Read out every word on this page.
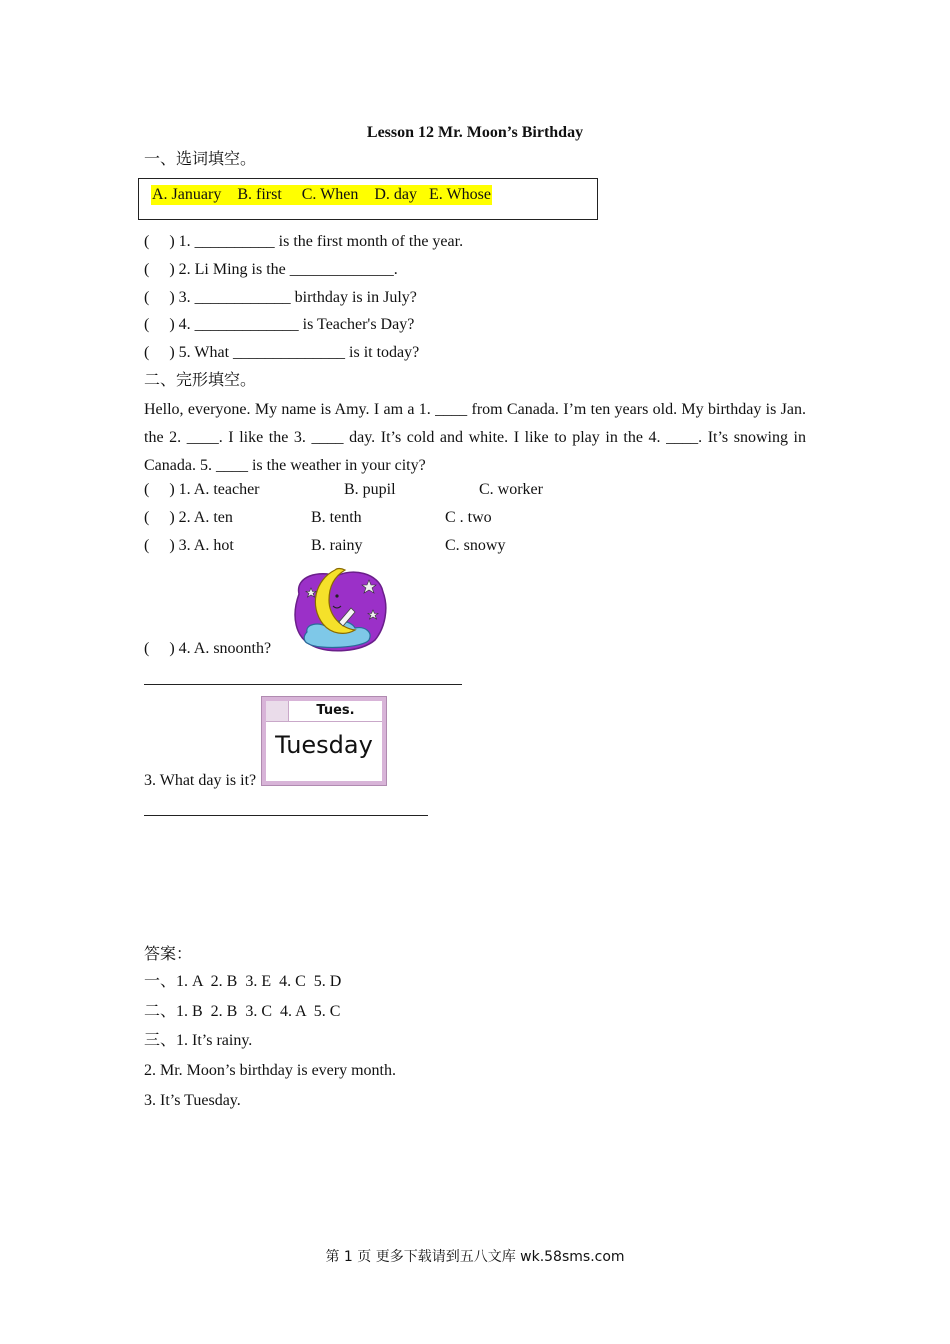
Lesson 12 Mr. Moon’s Birthday
一、选词填空。
A. January    B. first     C. When    D. day   E. Whose
(     ) 1. __________ is the first month of the year.
(     ) 2. Li Ming is the _____________.
(     ) 3. ____________ birthday is in July?
(     ) 4. _____________ is Teacher's Day?
(     ) 5. What ______________ is it today?
二、完形填空。
Hello, everyone. My name is Amy. I am a 1. ____ from Canada. I’m ten years old. My birthday is Jan. the 2. ____. I like the 3. ____ day. It’s cold and white. I like to play in the 4. ____. It’s snowing in Canada. 5. ____ is the weather in your city?
(     ) 1. A. teacher	B. pupil	C. worker
(     ) 2. A. ten	B. tenth	C . two
(     ) 3. A. hot	B. rainy	C. snowy
(     ) 4. A. snoonth?
Tues.
Tuesday
3. What day is it?
答案：
一、1. A  2. B  3. E  4. C  5. D
二、1. B  2. B  3. C  4. A  5. C
三、1. It’s rainy.
2. Mr. Moon’s birthday is every month.
3. It’s Tuesday.
第 1 页 更多下载请到五八文库 wk.58sms.com
